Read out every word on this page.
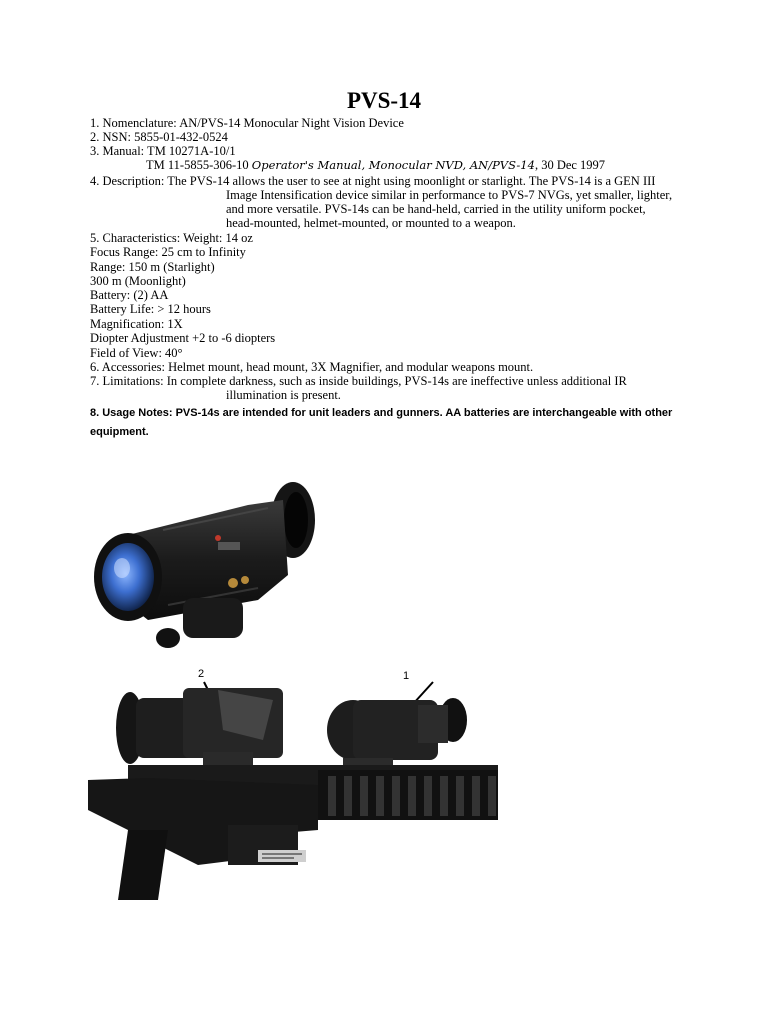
PVS-14
1. Nomenclature: AN/PVS-14 Monocular Night Vision Device
2. NSN: 5855-01-432-0524
3. Manual: TM 10271A-10/1
TM 11-5855-306-10 Operator's Manual, Monocular NVD, AN/PVS-14, 30 Dec 1997
4. Description: The PVS-14 allows the user to see at night using moonlight or starlight. The PVS-14 is a GEN III
Image Intensification device similar in performance to PVS-7 NVGs, yet smaller, lighter,
and more versatile. PVS-14s can be hand-held, carried in the utility uniform pocket,
head-mounted, helmet-mounted, or mounted to a weapon.
5. Characteristics: Weight: 14 oz
Focus Range: 25 cm to Infinity
Range: 150 m (Starlight)
300 m (Moonlight)
Battery: (2) AA
Battery Life: > 12 hours
Magnification: 1X
Diopter Adjustment +2 to -6 diopters
Field of View: 40°
6. Accessories: Helmet mount, head mount, 3X Magnifier, and modular weapons mount.
7. Limitations: In complete darkness, such as inside buildings, PVS-14s are ineffective unless additional IR
illumination is present.
8. Usage Notes: PVS-14s are intended for unit leaders and gunners. AA batteries are interchangeable with other
equipment.
2	1
